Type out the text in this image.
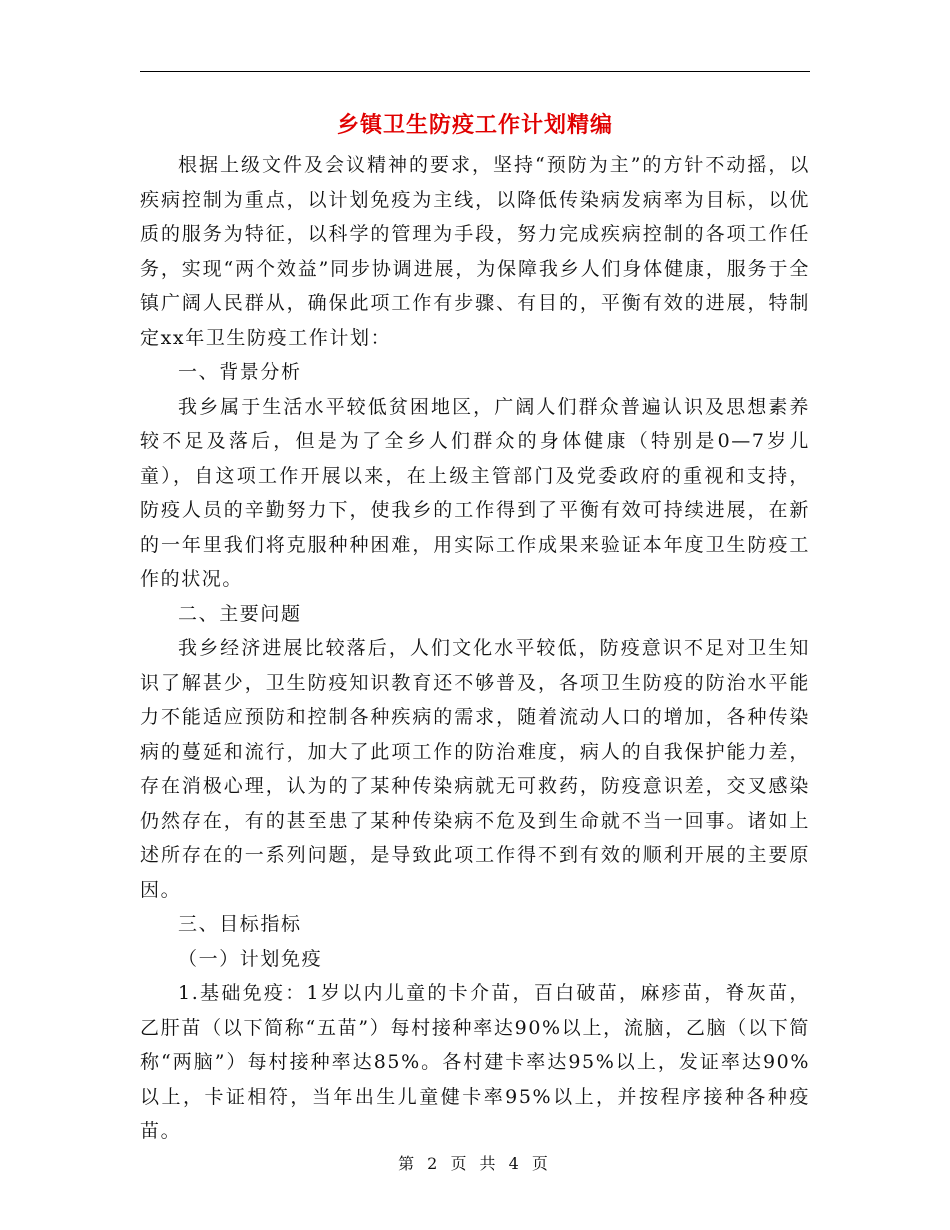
乡镇卫生防疫工作计划精编

根据上级文件及会议精神的要求，坚持“预防为主”的方针不动摇，以疾病控制为重点，以计划免疫为主线，以降低传染病发病率为目标，以优质的服务为特征，以科学的管理为手段，努力完成疾病控制的各项工作任务，实现“两个效益”同步协调进展，为保障我乡人们身体健康，服务于全镇广阔人民群从，确保此项工作有步骤、有目的，平衡有效的进展，特制定xx年卫生防疫工作计划：

一、背景分析

我乡属于生活水平较低贫困地区，广阔人们群众普遍认识及思想素养较不足及落后，但是为了全乡人们群众的身体健康（特别是0—7岁儿童），自这项工作开展以来，在上级主管部门及党委政府的重视和支持，防疫人员的辛勤努力下，使我乡的工作得到了平衡有效可持续进展，在新的一年里我们将克服种种困难，用实际工作成果来验证本年度卫生防疫工作的状况。

二、主要问题

我乡经济进展比较落后，人们文化水平较低，防疫意识不足对卫生知识了解甚少，卫生防疫知识教育还不够普及，各项卫生防疫的防治水平能力不能适应预防和控制各种疾病的需求，随着流动人口的增加，各种传染病的蔓延和流行，加大了此项工作的防治难度，病人的自我保护能力差，存在消极心理，认为的了某种传染病就无可救药，防疫意识差，交叉感染仍然存在，有的甚至患了某种传染病不危及到生命就不当一回事。诸如上述所存在的一系列问题，是导致此项工作得不到有效的顺利开展的主要原因。

三、目标指标

（一）计划免疫

1.基础免疫：1岁以内儿童的卡介苗，百白破苗，麻疹苗，脊灰苗，乙肝苗（以下简称“五苗”）每村接种率达90%以上，流脑，乙脑（以下简称“两脑”）每村接种率达85%。各村建卡率达95%以上，发证率达90%以上，卡证相符，当年出生儿童健卡率95%以上，并按程序接种各种疫苗。

第 2 页 共 4 页
